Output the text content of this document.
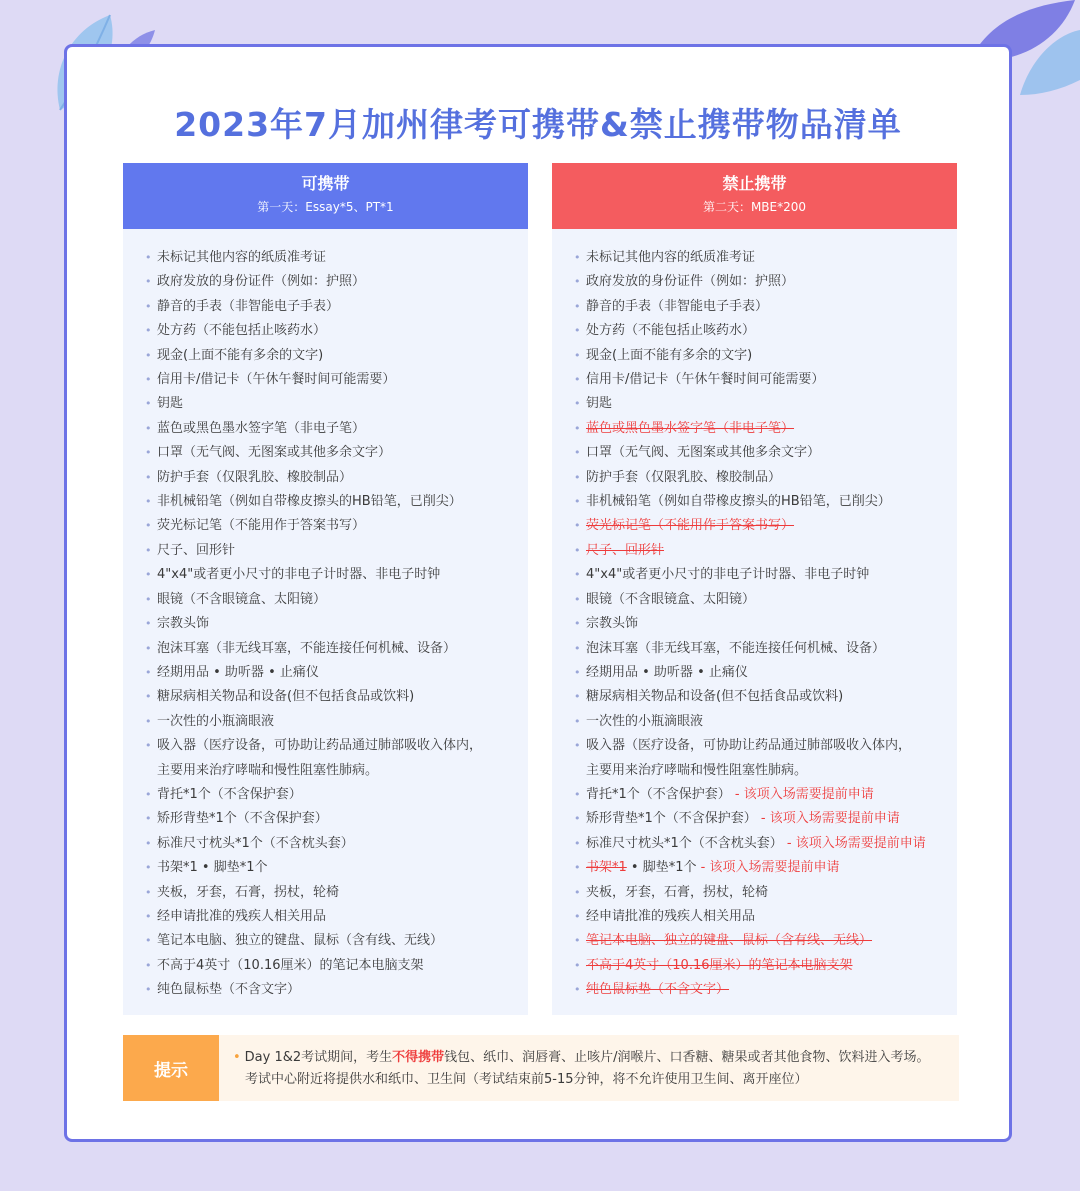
2023年7月加州律考可携带&禁止携带物品清单
可携带
第一天：Essay*5、PT*1
• 未标记其他内容的纸质准考证
• 政府发放的身份证件（例如：护照）
• 静音的手表（非智能电子手表）
• 处方药（不能包括止咳药水）
• 现金(上面不能有多余的文字)
• 信用卡/借记卡（午休午餐时间可能需要）
• 钥匙
• 蓝色或黑色墨水签字笔（非电子笔）
• 口罩（无气阀、无图案或其他多余文字）
• 防护手套（仅限乳胶、橡胶制品）
• 非机械铅笔（例如自带橡皮擦头的HB铅笔，已削尖）
• 荧光标记笔（不能用作于答案书写）
• 尺子、回形针
• 4"x4"或者更小尺寸的非电子计时器、非电子时钟
• 眼镜（不含眼镜盒、太阳镜）
• 宗教头饰
• 泡沫耳塞（非无线耳塞，不能连接任何机械、设备）
• 经期用品 • 助听器 • 止痛仪
• 糖尿病相关物品和设备(但不包括食品或饮料)
• 一次性的小瓶滴眼液
• 吸入器（医疗设备，可协助让药品通过肺部吸收入体内，
主要用来治疗哮喘和慢性阻塞性肺病。
• 背托*1个（不含保护套）
• 矫形背垫*1个（不含保护套）
• 标准尺寸枕头*1个（不含枕头套）
• 书架*1 • 脚垫*1个
• 夹板，牙套，石膏，拐杖，轮椅
• 经申请批准的残疾人相关用品
• 笔记本电脑、独立的键盘、鼠标（含有线、无线）
• 不高于4英寸（10.16厘米）的笔记本电脑支架
• 纯色鼠标垫（不含文字）
禁止携带
第二天：MBE*200
• 未标记其他内容的纸质准考证
• 政府发放的身份证件（例如：护照）
• 静音的手表（非智能电子手表）
• 处方药（不能包括止咳药水）
• 现金(上面不能有多余的文字)
• 信用卡/借记卡（午休午餐时间可能需要）
• 钥匙
• 蓝色或黑色墨水签字笔（非电子笔）
• 口罩（无气阀、无图案或其他多余文字）
• 防护手套（仅限乳胶、橡胶制品）
• 非机械铅笔（例如自带橡皮擦头的HB铅笔，已削尖）
• 荧光标记笔（不能用作于答案书写）
• 尺子、回形针
• 4"x4"或者更小尺寸的非电子计时器、非电子时钟
• 眼镜（不含眼镜盒、太阳镜）
• 宗教头饰
• 泡沫耳塞（非无线耳塞，不能连接任何机械、设备）
• 经期用品 • 助听器 • 止痛仪
• 糖尿病相关物品和设备(但不包括食品或饮料)
• 一次性的小瓶滴眼液
• 吸入器（医疗设备，可协助让药品通过肺部吸收入体内，
主要用来治疗哮喘和慢性阻塞性肺病。
• 背托*1个（不含保护套） - 该项入场需要提前申请
• 矫形背垫*1个（不含保护套） - 该项入场需要提前申请
• 标准尺寸枕头*1个（不含枕头套） - 该项入场需要提前申请
• 书架*1 • 脚垫*1个 - 该项入场需要提前申请
• 夹板，牙套，石膏，拐杖，轮椅
• 经申请批准的残疾人相关用品
• 笔记本电脑、独立的键盘、鼠标（含有线、无线）
• 不高于4英寸（10.16厘米）的笔记本电脑支架
• 纯色鼠标垫（不含文字）
提示
• Day 1&2考试期间，考生不得携带钱包、纸巾、润唇膏、止咳片/润喉片、口香糖、糖果或者其他食物、饮料进入考场。
考试中心附近将提供水和纸巾、卫生间（考试结束前5-15分钟，将不允许使用卫生间、离开座位）
